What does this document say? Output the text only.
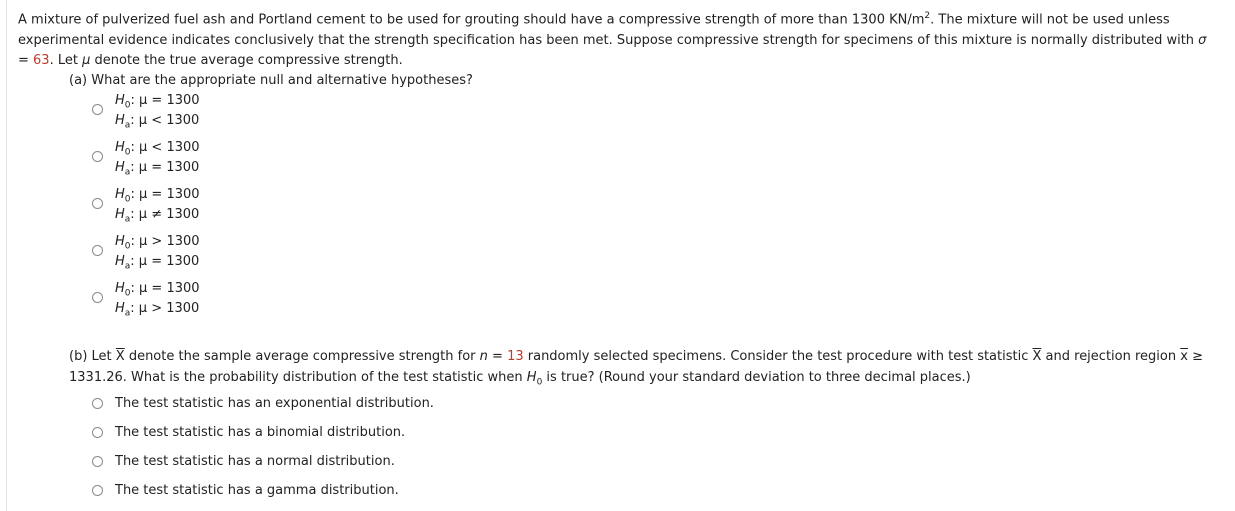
A mixture of pulverized fuel ash and Portland cement to be used for grouting should have a compressive strength of more than 1300 $KN/m^2$. The mixture will not be used unless experimental evidence indicates conclusively that the strength specification has been met. Suppose compressive strength for specimens of this mixture is normally distributed with σ = 63. Let μ denote the true average compressive strength.
(a) What are the appropriate null and alternative hypotheses?
$H_0$: μ = 1300
$H_a$: μ < 1300
$H_0$: μ < 1300
$H_a$: μ = 1300
$H_0$: μ = 1300
$H_a$: μ ≠ 1300
$H_0$: μ > 1300
$H_a$: μ = 1300
$H_0$: μ = 1300
$H_a$: μ > 1300
(b) Let $\overline{X}$ denote the sample average compressive strength for n = 13 randomly selected specimens. Consider the test procedure with test statistic $\overline{X}$ and rejection region $\overline{x} \ge 1331.26$. What is the probability distribution of the test statistic when $H_0$ is true? (Round your standard deviation to three decimal places.)
The test statistic has an exponential distribution.
The test statistic has a binomial distribution.
The test statistic has a normal distribution.
The test statistic has a gamma distribution.
